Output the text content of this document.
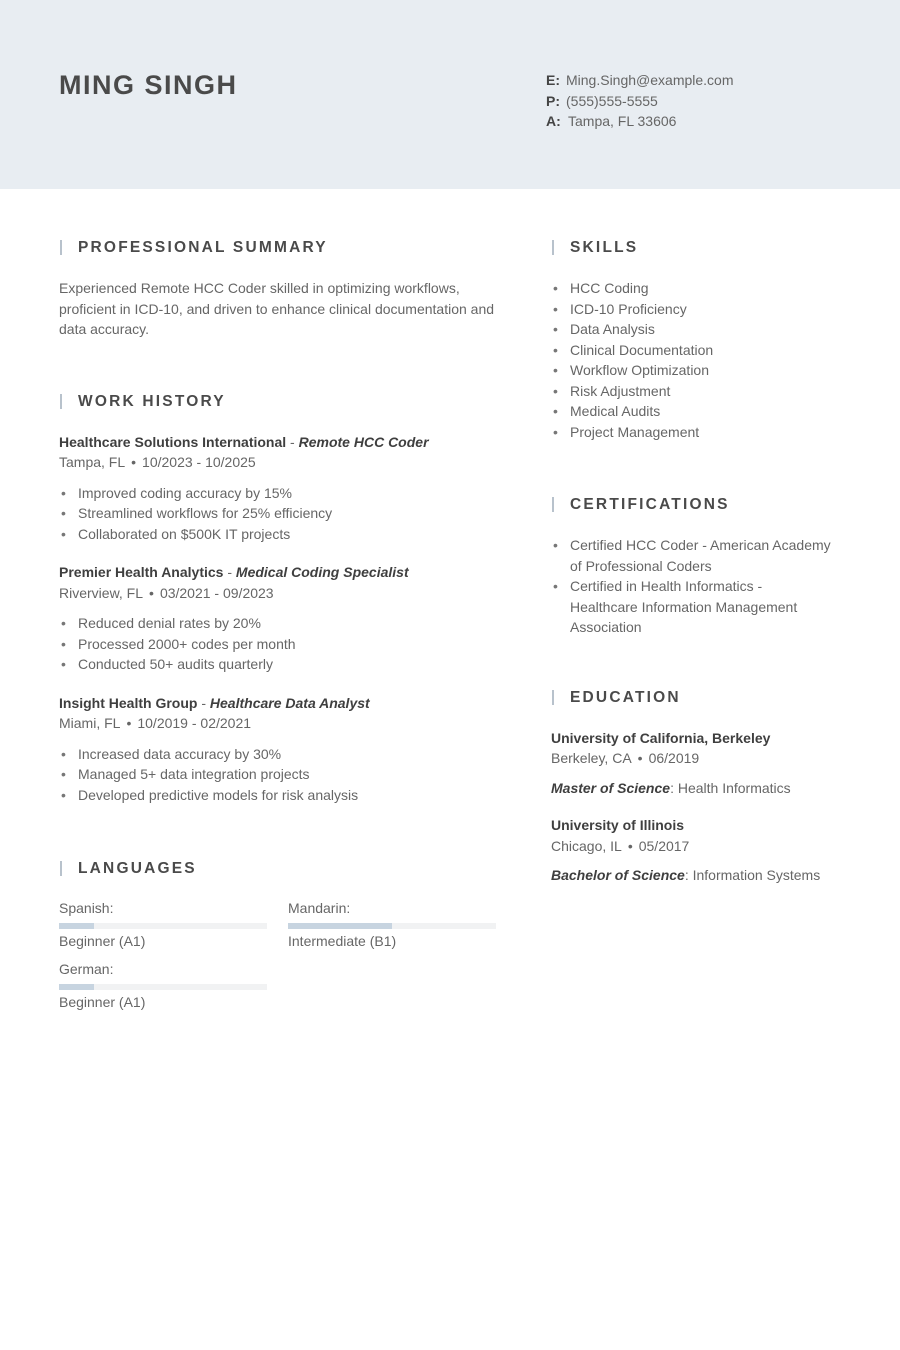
MING SINGH	E: Ming.Singh@example.com
P: (555)555-5555
A: Tampa, FL 33606
PROFESSIONAL SUMMARY
Experienced Remote HCC Coder skilled in optimizing workflows, proficient in ICD-10, and driven to enhance clinical documentation and data accuracy.
WORK HISTORY
Healthcare Solutions International - Remote HCC Coder
Tampa, FL • 10/2023 - 10/2025
• Improved coding accuracy by 15%
• Streamlined workflows for 25% efficiency
• Collaborated on $500K IT projects
Premier Health Analytics - Medical Coding Specialist
Riverview, FL • 03/2021 - 09/2023
• Reduced denial rates by 20%
• Processed 2000+ codes per month
• Conducted 50+ audits quarterly
Insight Health Group - Healthcare Data Analyst
Miami, FL • 10/2019 - 02/2021
• Increased data accuracy by 30%
• Managed 5+ data integration projects
• Developed predictive models for risk analysis
LANGUAGES
Spanish:
Beginner (A1)
Mandarin:
Intermediate (B1)
German:
Beginner (A1)
SKILLS
• HCC Coding
• ICD-10 Proficiency
• Data Analysis
• Clinical Documentation
• Workflow Optimization
• Risk Adjustment
• Medical Audits
• Project Management
CERTIFICATIONS
• Certified HCC Coder - American Academy of Professional Coders
• Certified in Health Informatics - Healthcare Information Management Association
EDUCATION
University of California, Berkeley
Berkeley, CA • 06/2019
Master of Science: Health Informatics
University of Illinois
Chicago, IL • 05/2017
Bachelor of Science: Information Systems
